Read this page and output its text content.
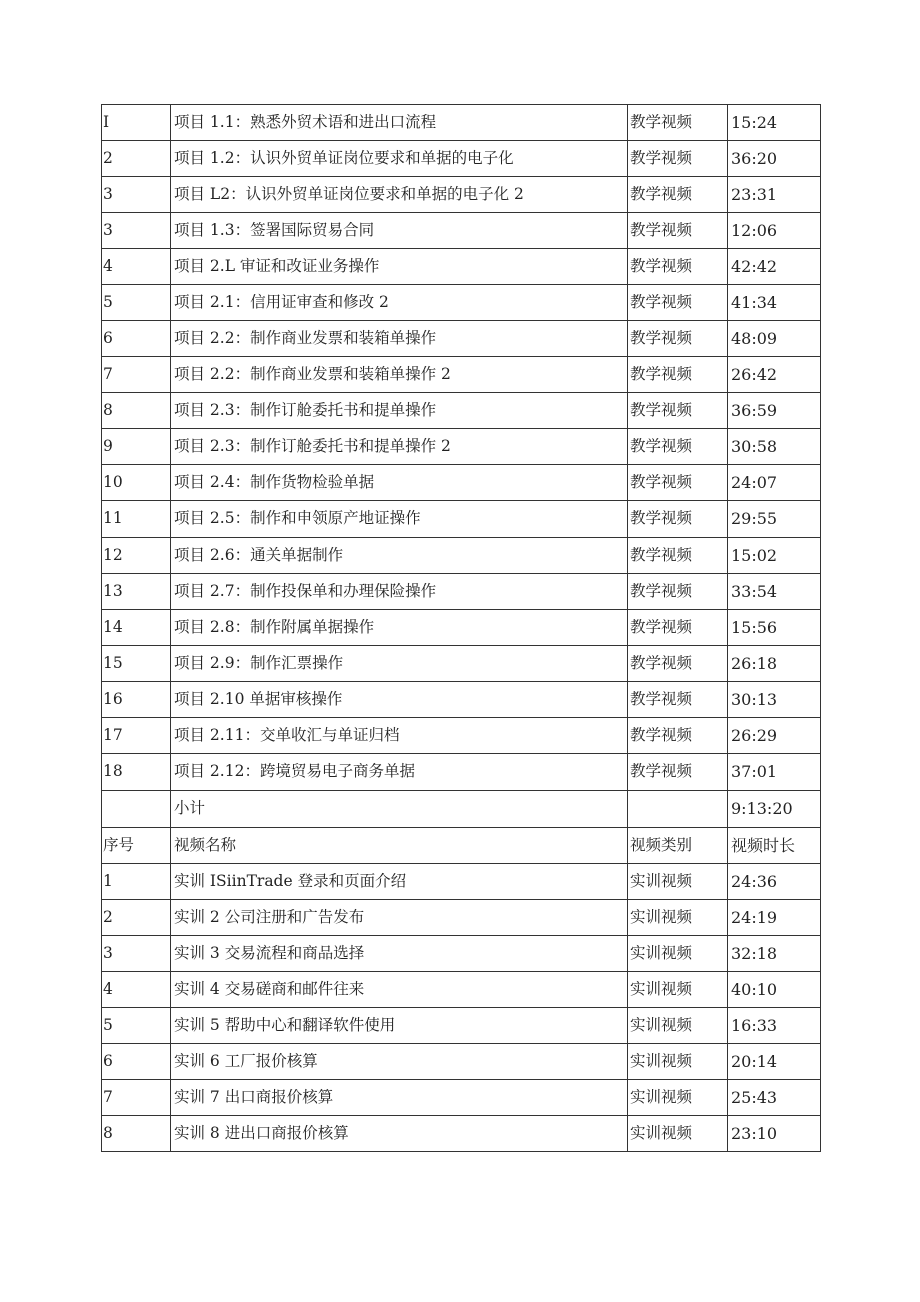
I	项目 1.1：熟悉外贸术语和进出口流程	教学视频	15:24
2	项目 1.2：认识外贸单证岗位要求和单据的电子化	教学视频	36:20
3	项目 L2：认识外贸单证岗位要求和单据的电子化 2	教学视频	23:31
3	项目 1.3：签署国际贸易合同	教学视频	12:06
4	项目 2.L 审证和改证业务操作	教学视频	42:42
5	项目 2.1：信用证审查和修改 2	教学视频	41:34
6	项目 2.2：制作商业发票和装箱单操作	教学视频	48:09
7	项目 2.2：制作商业发票和装箱单操作 2	教学视频	26:42
8	项目 2.3：制作订舱委托书和提单操作	教学视频	36:59
9	项目 2.3：制作订舱委托书和提单操作 2	教学视频	30:58
10	项目 2.4：制作货物检验单据	教学视频	24:07
11	项目 2.5：制作和申领原产地证操作	教学视频	29:55
12	项目 2.6：通关单据制作	教学视频	15:02
13	项目 2.7：制作投保单和办理保险操作	教学视频	33:54
14	项目 2.8：制作附属单据操作	教学视频	15:56
15	项目 2.9：制作汇票操作	教学视频	26:18
16	项目 2.10 单据审核操作	教学视频	30:13
17	项目 2.11：交单收汇与单证归档	教学视频	26:29
18	项目 2.12：跨境贸易电子商务单据	教学视频	37:01
	小计		9:13:20
序号	视频名称	视频类别	视频时长
1	实训 ISiinTrade 登录和页面介绍	实训视频	24:36
2	实训 2 公司注册和广告发布	实训视频	24:19
3	实训 3 交易流程和商品选择	实训视频	32:18
4	实训 4 交易磋商和邮件往来	实训视频	40:10
5	实训 5 帮助中心和翻译软件使用	实训视频	16:33
6	实训 6 工厂报价核算	实训视频	20:14
7	实训 7 出口商报价核算	实训视频	25:43
8	实训 8 进出口商报价核算	实训视频	23:10
